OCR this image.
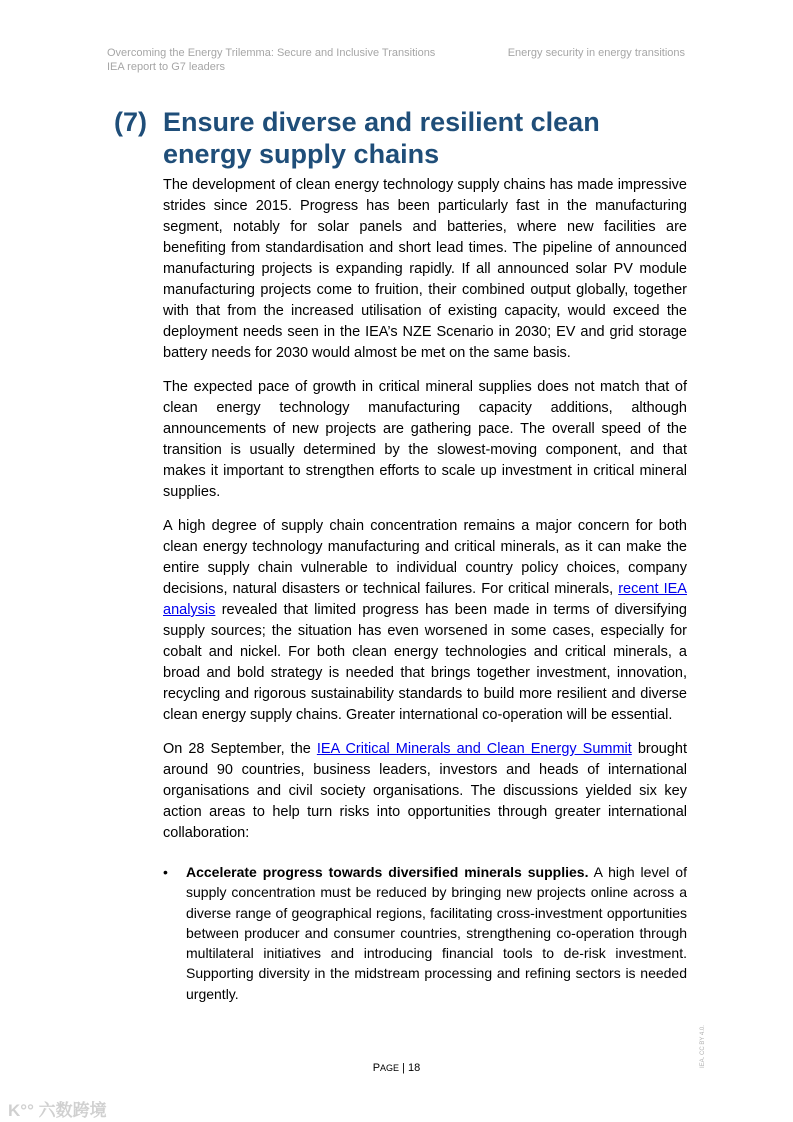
Overcoming the Energy Trilemma: Secure and Inclusive Transitions
IEA report to G7 leaders
Energy security in energy transitions
(7) Ensure diverse and resilient clean energy supply chains

The development of clean energy technology supply chains has made impressive strides since 2015. Progress has been particularly fast in the manufacturing segment, notably for solar panels and batteries, where new facilities are benefiting from standardisation and short lead times. The pipeline of announced manufacturing projects is expanding rapidly. If all announced solar PV module manufacturing projects come to fruition, their combined output globally, together with that from the increased utilisation of existing capacity, would exceed the deployment needs seen in the IEA’s NZE Scenario in 2030; EV and grid storage battery needs for 2030 would almost be met on the same basis.

The expected pace of growth in critical mineral supplies does not match that of clean energy technology manufacturing capacity additions, although announcements of new projects are gathering pace. The overall speed of the transition is usually determined by the slowest-moving component, and that makes it important to strengthen efforts to scale up investment in critical mineral supplies.

A high degree of supply chain concentration remains a major concern for both clean energy technology manufacturing and critical minerals, as it can make the entire supply chain vulnerable to individual country policy choices, company decisions, natural disasters or technical failures. For critical minerals, recent IEA analysis revealed that limited progress has been made in terms of diversifying supply sources; the situation has even worsened in some cases, especially for cobalt and nickel. For both clean energy technologies and critical minerals, a broad and bold strategy is needed that brings together investment, innovation, recycling and rigorous sustainability standards to build more resilient and diverse clean energy supply chains. Greater international co-operation will be essential.

On 28 September, the IEA Critical Minerals and Clean Energy Summit brought around 90 countries, business leaders, investors and heads of international organisations and civil society organisations. The discussions yielded six key action areas to help turn risks into opportunities through greater international collaboration:

• Accelerate progress towards diversified minerals supplies. A high level of supply concentration must be reduced by bringing new projects online across a diverse range of geographical regions, facilitating cross-investment opportunities between producer and consumer countries, strengthening co-operation through multilateral initiatives and introducing financial tools to de-risk investment. Supporting diversity in the midstream processing and refining sectors is needed urgently.
PAGE | 18	IEA. CC BY 4.0.
K°° 六数跨境
